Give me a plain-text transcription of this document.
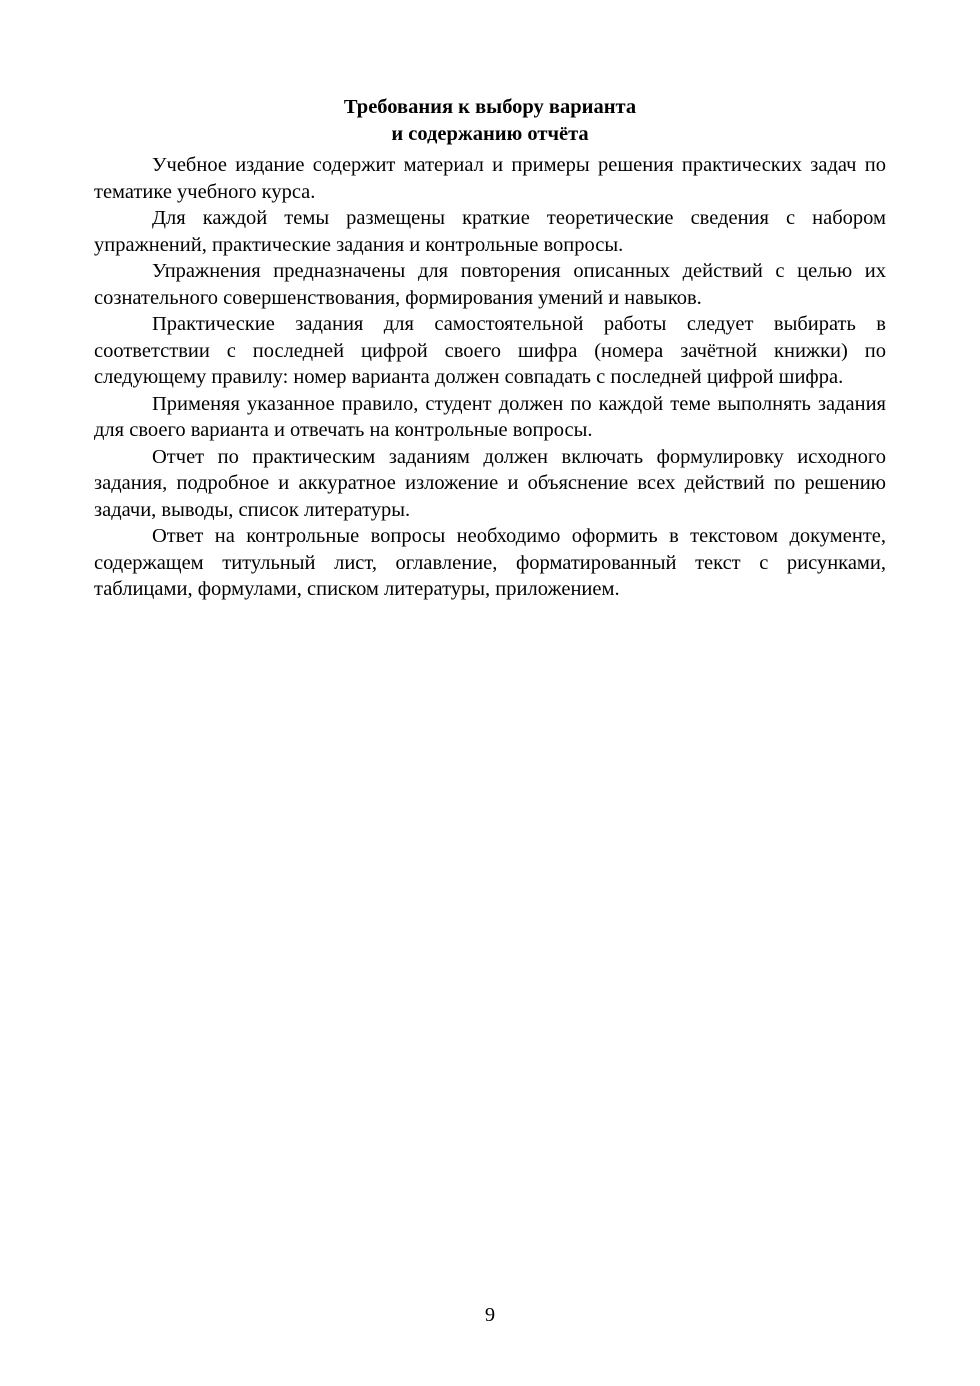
Требования к выбору варианта
и содержанию отчёта

Учебное издание содержит материал и примеры решения практических задач по тематике учебного курса.

Для каждой темы размещены краткие теоретические сведения с набором упражнений, практические задания и контрольные вопросы.

Упражнения предназначены для повторения описанных действий с целью их сознательного совершенствования, формирования умений и навыков.

Практические задания для самостоятельной работы следует выбирать в соответствии с последней цифрой своего шифра (номера зачётной книжки) по следующему правилу: номер варианта должен совпадать с последней цифрой шифра.

Применяя указанное правило, студент должен по каждой теме выполнять задания для своего варианта и отвечать на контрольные вопросы.

Отчет по практическим заданиям должен включать формулировку исходного задания, подробное и аккуратное изложение и объяснение всех действий по решению задачи, выводы, список литературы.

Ответ на контрольные вопросы необходимо оформить в текстовом документе, содержащем титульный лист, оглавление, форматированный текст с рисунками, таблицами, формулами, списком литературы, приложением.

9
